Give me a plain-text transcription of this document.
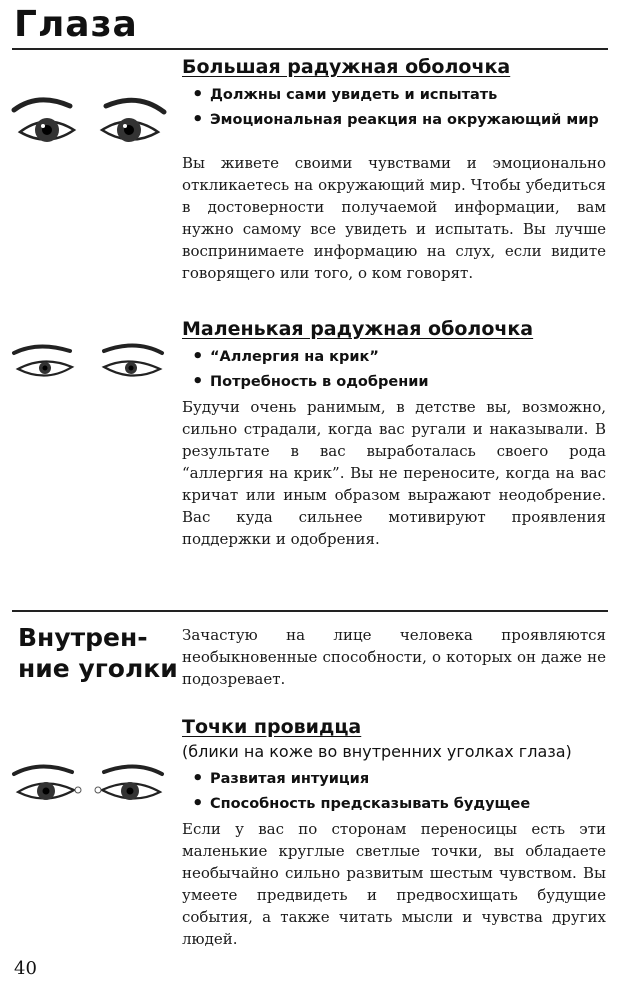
Глаза
Большая радужная оболочка
• Должны сами увидеть и испытать
• Эмоциональная реакция на окружающий мир

Вы живете своими чувствами и эмоционально откликаетесь на окружающий мир. Чтобы убедиться в достоверности получаемой информации, вам нужно самому все увидеть и испытать. Вы лучше воспринимаете информацию на слух, если видите говорящего или того, о ком говорят.

Маленькая радужная оболочка
• “Аллергия на крик”
• Потребность в одобрении

Будучи очень ранимым, в детстве вы, возможно, сильно страдали, когда вас ругали и наказывали. В результате в вас выработалась своего рода “аллергия на крик”. Вы не переносите, когда на вас кричат или иным образом выражают неодобрение. Вас куда сильнее мотивируют проявления поддержки и одобрения.

Внутрен-
ние уголки

Зачастую на лице человека проявляются необыкновенные способности, о которых он даже не подозревает.

Точки провидца
(блики на коже во внутренних уголках глаза)
• Развитая интуиция
• Способность предсказывать будущее

Если у вас по сторонам переносицы есть эти маленькие круглые светлые точки, вы обладаете необычайно сильно развитым шестым чувством. Вы умеете предвидеть и предвосхищать будущие события, а также читать мысли и чувства других людей.

40
